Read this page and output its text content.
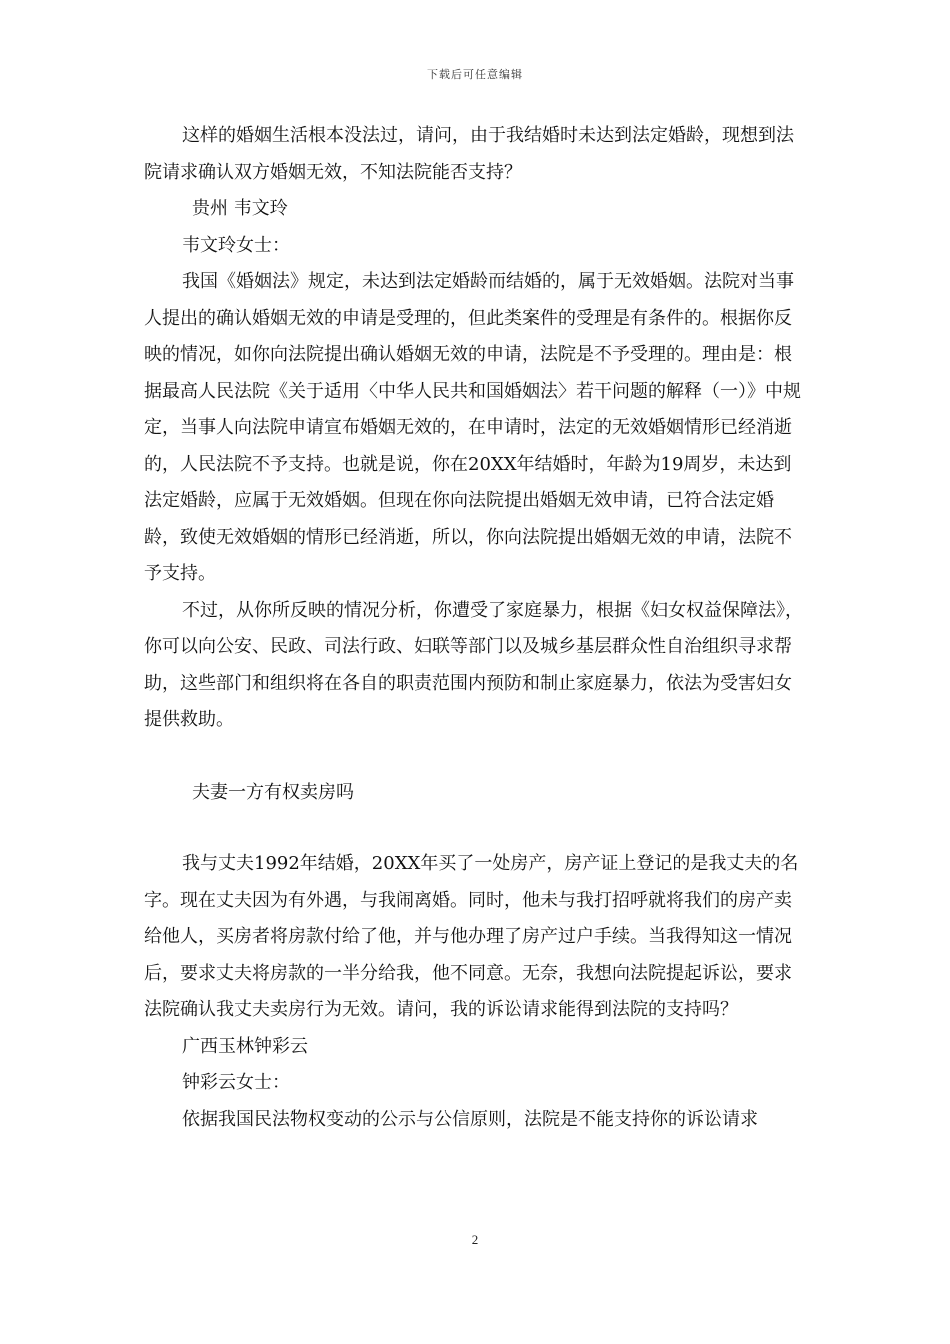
下载后可任意编辑

这样的婚姻生活根本没法过，请问，由于我结婚时未达到法定婚龄，现想到法院请求确认双方婚姻无效，不知法院能否支持？

贵州 韦文玲

韦文玲女士：

我国《婚姻法》规定，未达到法定婚龄而结婚的，属于无效婚姻。法院对当事人提出的确认婚姻无效的申请是受理的，但此类案件的受理是有条件的。根据你反映的情况，如你向法院提出确认婚姻无效的申请，法院是不予受理的。理由是：根据最高人民法院《关于适用〈中华人民共和国婚姻法〉若干问题的解释（一）》中规定，当事人向法院申请宣布婚姻无效的，在申请时，法定的无效婚姻情形已经消逝的，人民法院不予支持。也就是说，你在20XX年结婚时，年龄为19周岁，未达到法定婚龄，应属于无效婚姻。但现在你向法院提出婚姻无效申请，已符合法定婚龄，致使无效婚姻的情形已经消逝，所以，你向法院提出婚姻无效的申请，法院不予支持。

不过，从你所反映的情况分析，你遭受了家庭暴力，根据《妇女权益保障法》，你可以向公安、民政、司法行政、妇联等部门以及城乡基层群众性自治组织寻求帮助，这些部门和组织将在各自的职责范围内预防和制止家庭暴力，依法为受害妇女提供救助。

夫妻一方有权卖房吗

我与丈夫1992年结婚，20XX年买了一处房产，房产证上登记的是我丈夫的名字。现在丈夫因为有外遇，与我闹离婚。同时，他未与我打招呼就将我们的房产卖给他人，买房者将房款付给了他，并与他办理了房产过户手续。当我得知这一情况后，要求丈夫将房款的一半分给我，他不同意。无奈，我想向法院提起诉讼，要求法院确认我丈夫卖房行为无效。请问，我的诉讼请求能得到法院的支持吗？

广西玉林钟彩云

钟彩云女士：

依据我国民法物权变动的公示与公信原则，法院是不能支持你的诉讼请求

2
